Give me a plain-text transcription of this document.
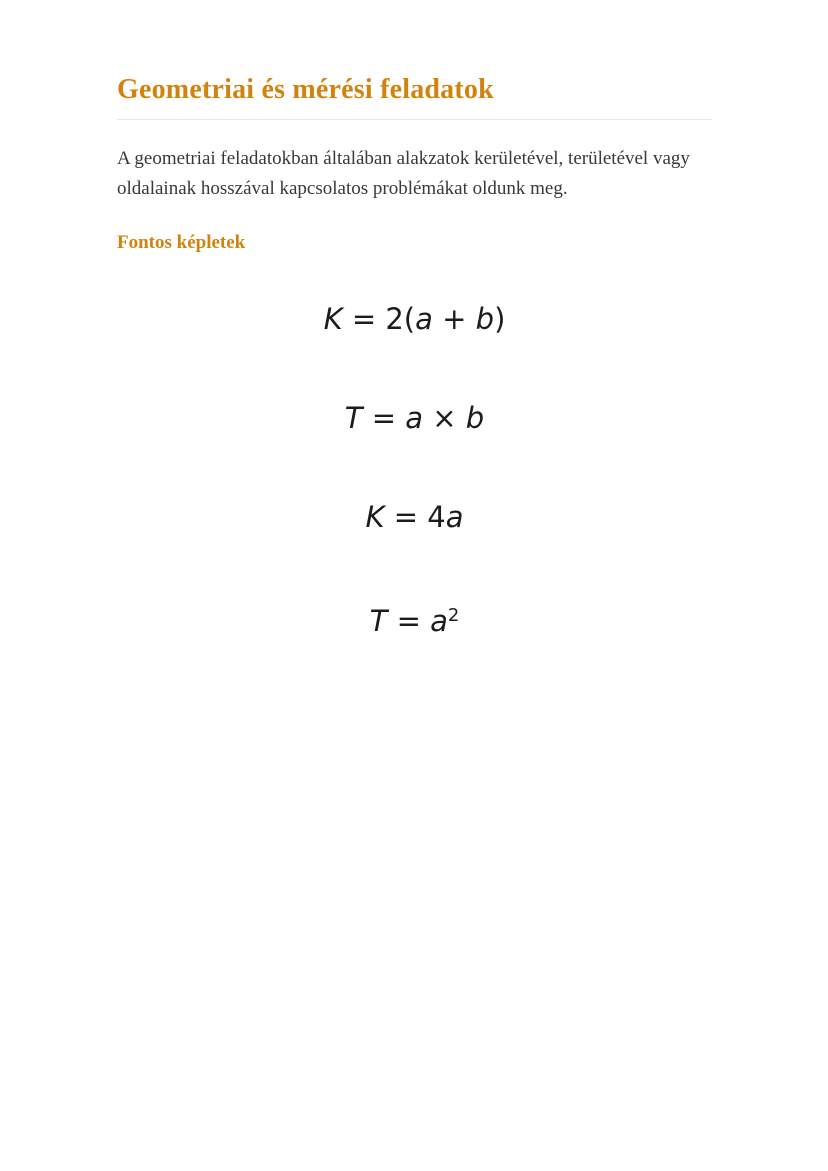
Geometriai és mérési feladatok

A geometriai feladatokban általában alakzatok kerületével, területével vagy oldalainak hosszával kapcsolatos problémákat oldunk meg.

Fontos képletek
K = 2(a + b)
T = a × b
K = 4a
$T = a^2$
